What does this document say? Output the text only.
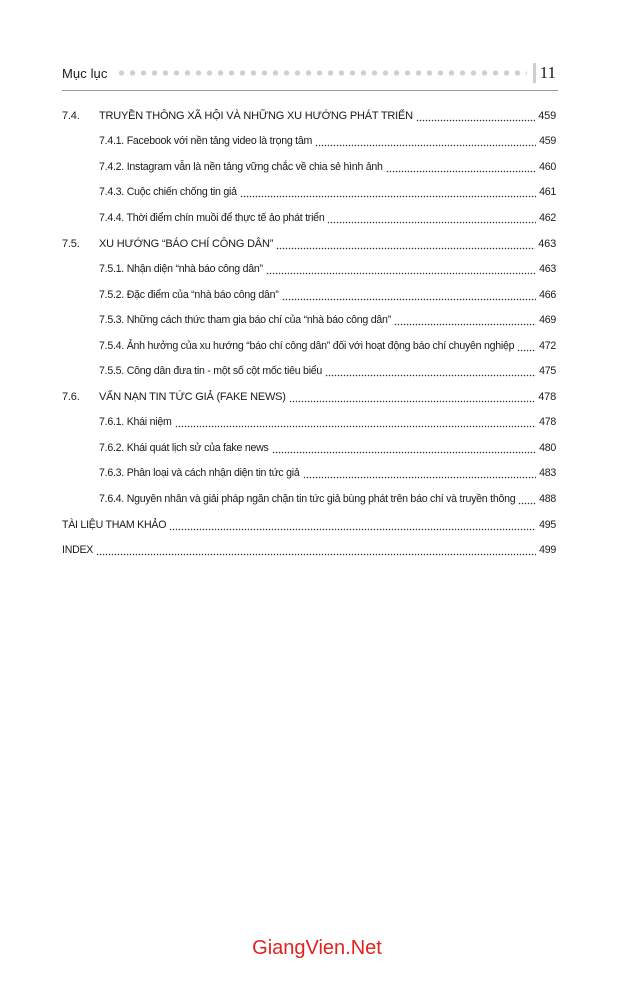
Mục lục	11
7.4.	TRUYỀN THÔNG XÃ HỘI VÀ NHỮNG XU HƯỚNG PHÁT TRIỂN	459
7.4.1. Facebook với nền tảng video là trọng tâm	459
7.4.2. Instagram vẫn là nền tảng vững chắc về chia sẻ hình ảnh	460
7.4.3. Cuộc chiến chống tin giả	461
7.4.4. Thời điểm chín muồi để thực tế ảo phát triển	462
7.5.	XU HƯỚNG “BÁO CHÍ CÔNG DÂN”	463
7.5.1. Nhận diện “nhà báo công dân”	463
7.5.2. Đặc điểm của “nhà báo công dân”	466
7.5.3. Những cách thức tham gia báo chí của “nhà báo công dân”	469
7.5.4. Ảnh hưởng của xu hướng “báo chí công dân” đối với hoạt động báo chí chuyên nghiệp 472
7.5.5. Công dân đưa tin - một số cột mốc tiêu biểu	475
7.6.	VẤN NẠN TIN TỨC GIẢ (FAKE NEWS)	478
7.6.1. Khái niệm	478
7.6.2. Khái quát lịch sử của fake news	480
7.6.3. Phân loại và cách nhận diện tin tức giả	483
7.6.4. Nguyên nhân và giải pháp ngăn chặn tin tức giả bùng phát trên báo chí và truyền thông 488
TÀI LIỆU THAM KHẢO	495
INDEX	499
GiangVien.Net
